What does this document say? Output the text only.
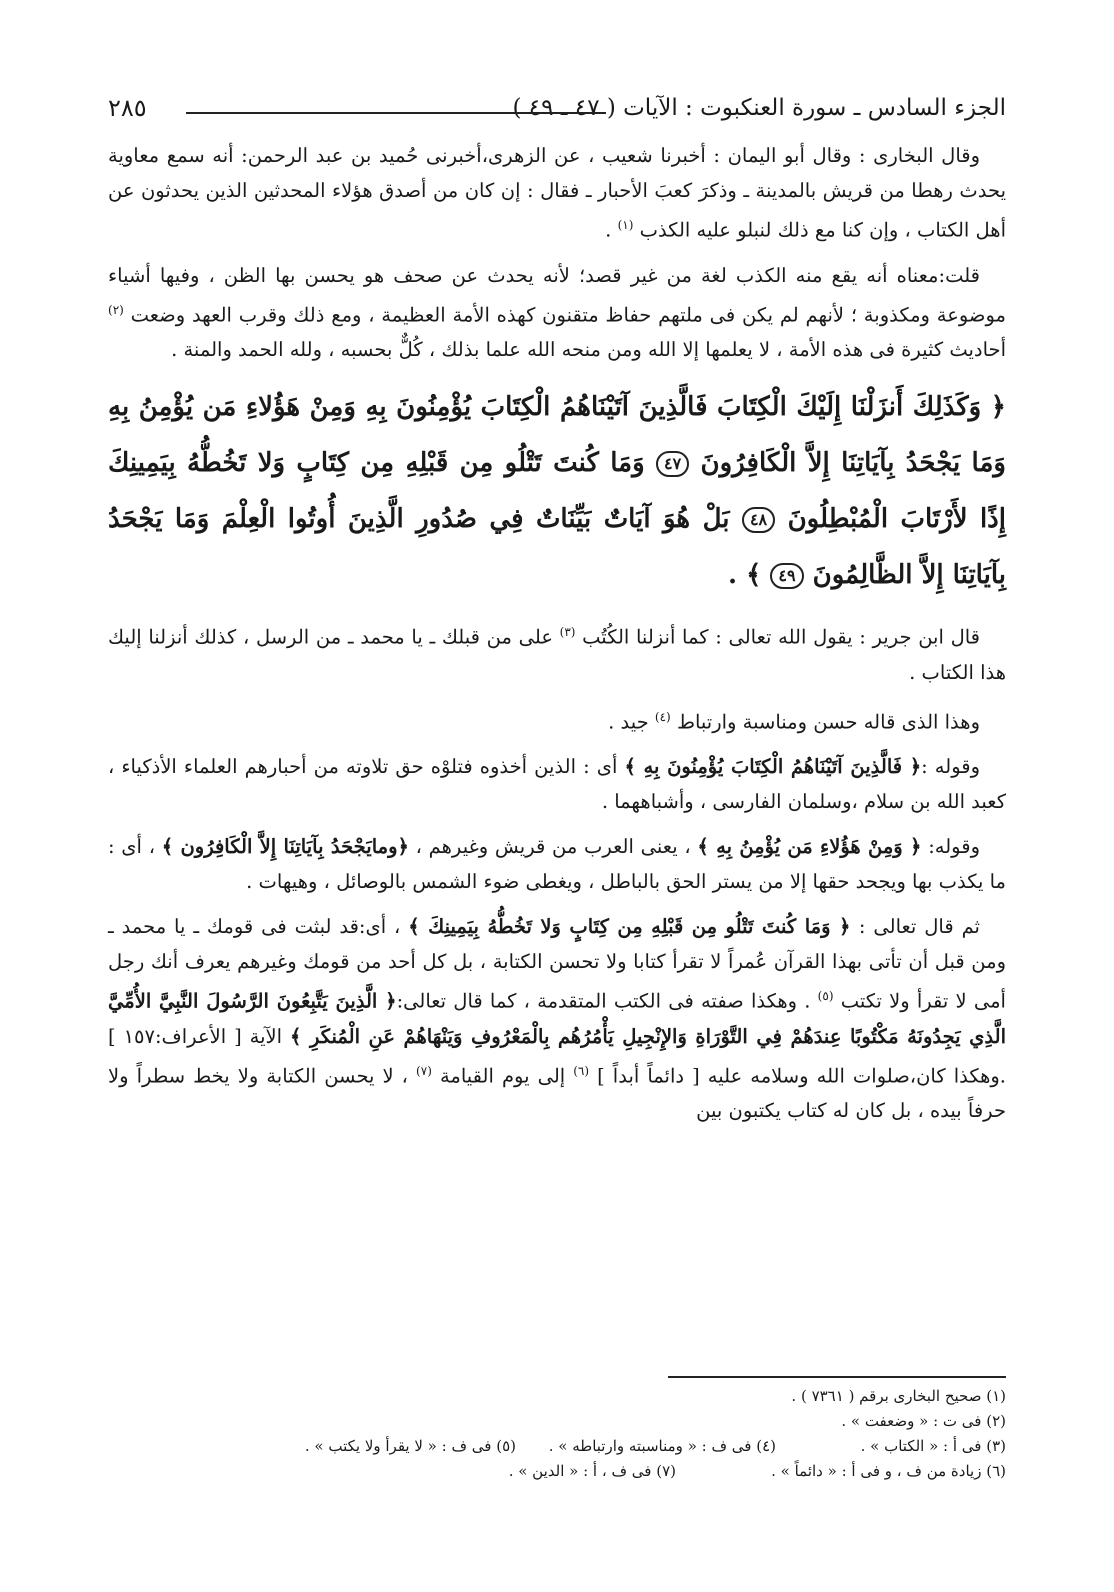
الجزء السادس ـ سورة العنكبوت : الآيات ( ٤٧ ـ ٤٩ )
٢٨٥

وقال البخارى : وقال أبو اليمان : أخبرنا شعيب ، عن الزهرى،أخبرنى حُميد بن عبد الرحمن: أنه سمع معاوية يحدث رهطا من قريش بالمدينة ـ وذكرَ كعبَ الأحبار ـ فقال : إن كان من أصدق هؤلاء المحدثين الذين يحدثون عن أهل الكتاب ، وإن كنا مع ذلك لنبلو عليه الكذب $^{(١)}$ .

قلت:معناه أنه يقع منه الكذب لغة من غير قصد؛ لأنه يحدث عن صحف هو يحسن بها الظن ، وفيها أشياء موضوعة ومكذوبة ؛ لأنهم لم يكن فى ملتهم حفاظ متقنون كهذه الأمة العظيمة ، ومع ذلك وقرب العهد وضعت $^{(٢)}$ أحاديث كثيرة فى هذه الأمة ، لا يعلمها إلا الله ومن منحه الله علما بذلك ، كُلٌّ بحسبه ، ولله الحمد والمنة .

﴿ وَكَذَلِكَ أَنزَلْنَا إِلَيْكَ الْكِتَابَ فَالَّذِينَ آتَيْنَاهُمُ الْكِتَابَ يُؤْمِنُونَ بِهِ وَمِنْ هَؤُلاءِ مَن يُؤْمِنُ بِهِ وَمَا يَجْحَدُ بِآيَاتِنَا إِلاَّ الْكَافِرُونَ ٤٧ وَمَا كُنتَ تَتْلُو مِن قَبْلِهِ مِن كِتَابٍ وَلا تَخُطُّهُ بِيَمِينِكَ إِذًا لأَرْتَابَ الْمُبْطِلُونَ ٤٨ بَلْ هُوَ آيَاتٌ بَيِّنَاتٌ فِي صُدُورِ الَّذِينَ أُوتُوا الْعِلْمَ وَمَا يَجْحَدُ بِآيَاتِنَا إِلاَّ الظَّالِمُونَ ٤٩ ﴾ .

قال ابن جرير : يقول الله تعالى : كما أنزلنا الكُتُب $^{(٣)}$ على من قبلك ـ يا محمد ـ من الرسل ، كذلك أنزلنا إليك هذا الكتاب .

وهذا الذى قاله حسن ومناسبة وارتباط $^{(٤)}$ جيد .

وقوله :﴿ فَالَّذِينَ آتَيْنَاهُمُ الْكِتَابَ يُؤْمِنُونَ بِهِ ﴾ أى : الذين أخذوه فتلوْه حق تلاوته من أحبارهم العلماء الأذكياء ، كعبد الله بن سلام ،وسلمان الفارسى ، وأشباههما .

وقوله: ﴿ وَمِنْ هَؤُلاءِ مَن يُؤْمِنُ بِهِ ﴾ ، يعنى العرب من قريش وغيرهم ، ﴿ومايَجْحَدُ بِآيَاتِنَا إِلاَّ الْكَافِرُون ﴾ ، أى : ما يكذب بها ويجحد حقها إلا من يستر الحق بالباطل ، ويغطى ضوء الشمس بالوصائل ، وهيهات .

ثم قال تعالى : ﴿ وَمَا كُنتَ تَتْلُو مِن قَبْلِهِ مِن كِتَابٍ وَلا تَخُطُّهُ بِيَمِينِكَ ﴾ ، أى:قد لبثت فى قومك ـ يا محمد ـ ومن قبل أن تأتى بهذا القرآن عُمراً لا تقرأ كتابا ولا تحسن الكتابة ، بل كل أحد من قومك وغيرهم يعرف أنك رجل أمى لا تقرأ ولا تكتب $^{(٥)}$ . وهكذا صفته فى الكتب المتقدمة ، كما قال تعالى:﴿ الَّذِينَ يَتَّبِعُونَ الرَّسُولَ النَّبِيَّ الأُمِّيَّ الَّذِي يَجِدُونَهُ مَكْتُوبًا عِندَهُمْ فِي التَّوْرَاةِ وَالإِنْجِيلِ يَأْمُرُهُم بِالْمَعْرُوفِ وَيَنْهَاهُمْ عَنِ الْمُنكَرِ ﴾ الآية [ الأعراف:١٥٧ ] .وهكذا كان،صلوات الله وسلامه عليه [ دائماً أبداً ] $^{(٦)}$ إلى يوم القيامة $^{(٧)}$ ، لا يحسن الكتابة ولا يخط سطراً ولا حرفاً بيده ، بل كان له كتاب يكتبون بين

(١) صحيح البخارى برقم ( ٧٣٦١ ) .
(٢) فى ت : « وضعفت » .
(٣) فى أ : « الكتاب » .
(٤) فى ف : « ومناسبته وارتباطه » .
(٥) فى ف : « لا يقرأ ولا يكتب » .
(٦) زيادة من ف ، و فى أ : « دائماً » .
(٧) فى ف ، أ : « الدين » .
